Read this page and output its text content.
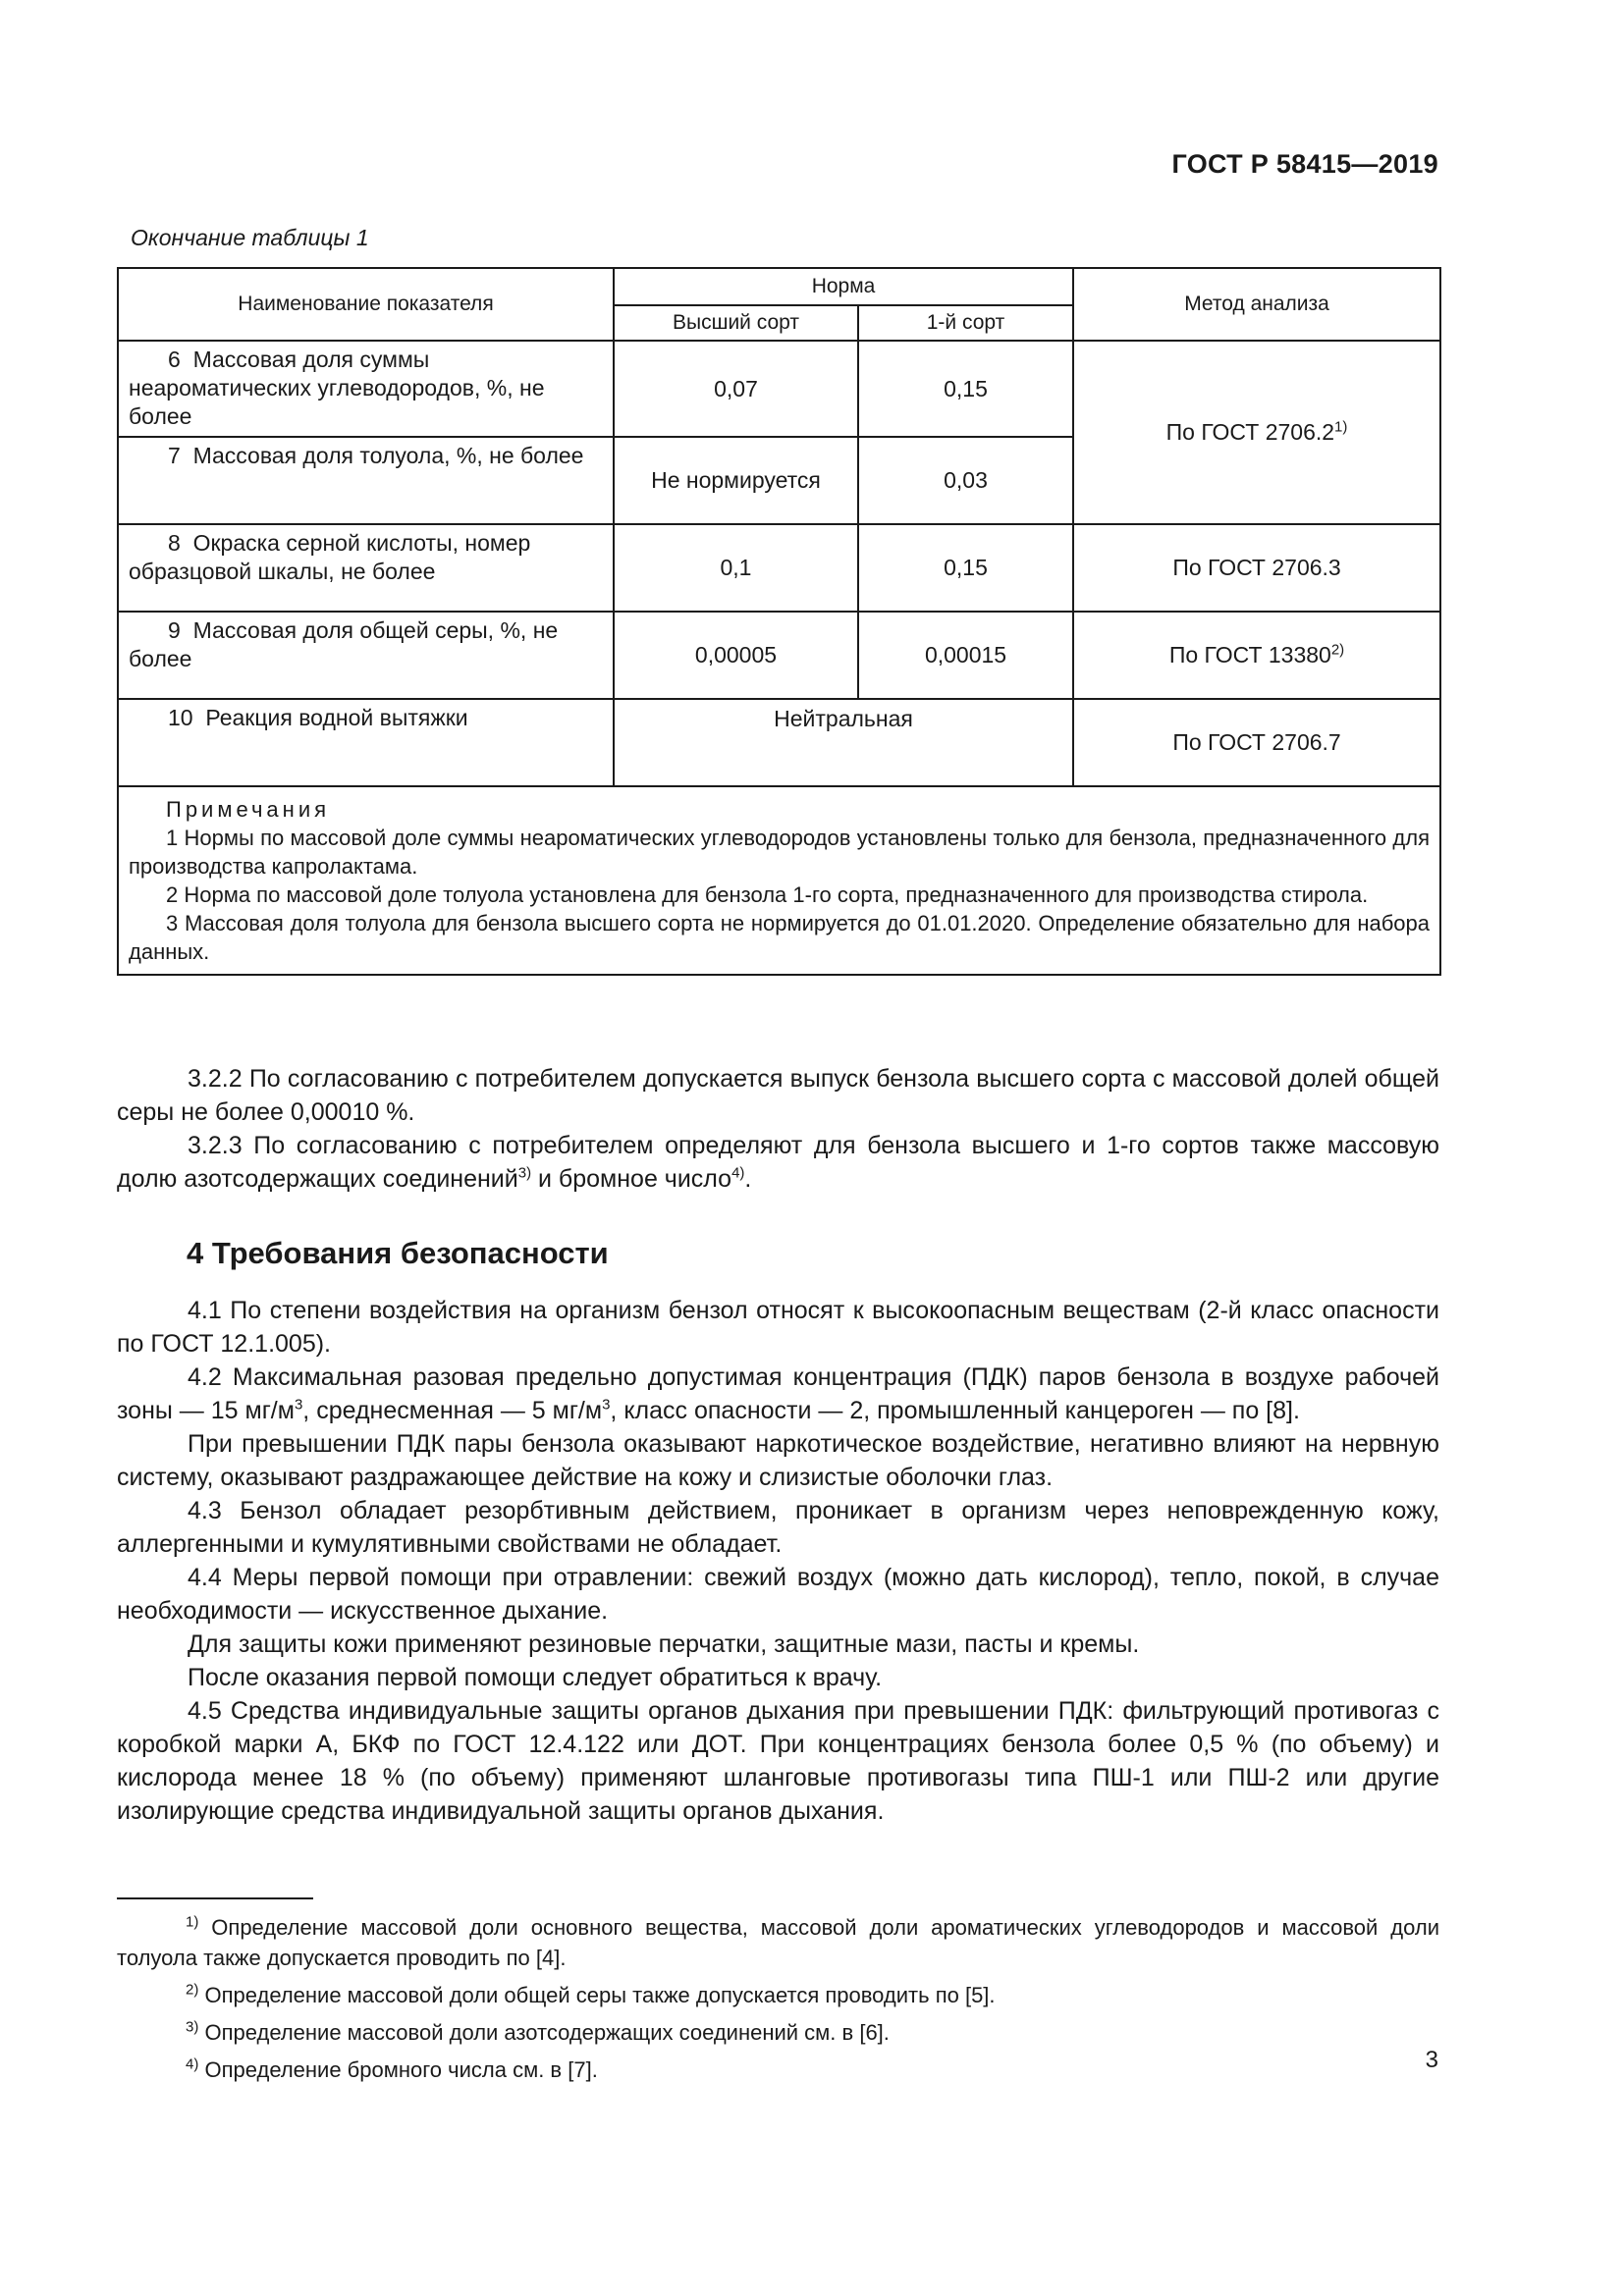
ГОСТ Р 58415—2019
Окончание таблицы 1
Наименование показателя	Норма		Метод анализа
	Высший сорт	1-й сорт	
6 Массовая доля суммы неароматических углеводородов, %, не более	0,07	0,15	По ГОСТ 2706.2$^{1)}$
7 Массовая доля толуола, %, не более	Не нормируется	0,03	
8 Окраска серной кислоты, номер образцовой шкалы, не более	0,1	0,15	По ГОСТ 2706.3
9 Массовая доля общей серы, %, не более	0,00005	0,00015	По ГОСТ 13380$^{2)}$
10 Реакция водной вытяжки	Нейтральная		По ГОСТ 2706.7

Примечания
1 Нормы по массовой доле суммы неароматических углеводородов установлены только для бензола, предназначенного для производства капролактама.
2 Норма по массовой доле толуола установлена для бензола 1-го сорта, предназначенного для производства стирола.
3 Массовая доля толуола для бензола высшего сорта не нормируется до 01.01.2020. Определение обязательно для набора данных.			

3.2.2 По согласованию с потребителем допускается выпуск бензола высшего сорта с массовой долей общей серы не более 0,00010 %.

3.2.3 По согласованию с потребителем определяют для бензола высшего и 1-го сортов также массовую долю азотсодержащих соединений$^{3)}$ и бромное число$^{4)}$.

4 Требования безопасности

4.1 По степени воздействия на организм бензол относят к высокоопасным веществам (2-й класс опасности по ГОСТ 12.1.005).

4.2 Максимальная разовая предельно допустимая концентрация (ПДК) паров бензола в воздухе рабочей зоны — 15 $мг/м^3$, среднесменная — 5 $мг/м^3$, класс опасности — 2, промышленный канцероген — по [8].

При превышении ПДК пары бензола оказывают наркотическое воздействие, негативно влияют на нервную систему, оказывают раздражающее действие на кожу и слизистые оболочки глаз.

4.3 Бензол обладает резорбтивным действием, проникает в организм через неповрежденную кожу, аллергенными и кумулятивными свойствами не обладает.

4.4 Меры первой помощи при отравлении: свежий воздух (можно дать кислород), тепло, покой, в случае необходимости — искусственное дыхание.

Для защиты кожи применяют резиновые перчатки, защитные мази, пасты и кремы.

После оказания первой помощи следует обратиться к врачу.

4.5 Средства индивидуальные защиты органов дыхания при превышении ПДК: фильтрующий противогаз с коробкой марки А, БКФ по ГОСТ 12.4.122 или ДОТ. При концентрациях бензола более 0,5 % (по объему) и кислорода менее 18 % (по объему) применяют шланговые противогазы типа ПШ-1 или ПШ-2 или другие изолирующие средства индивидуальной защиты органов дыхания.

$^{1)}$ Определение массовой доли основного вещества, массовой доли ароматических углеводородов и массовой доли толуола также допускается проводить по [4].

$^{2)}$ Определение массовой доли общей серы также допускается проводить по [5].

$^{3)}$ Определение массовой доли азотсодержащих соединений см. в [6].

$^{4)}$ Определение бромного числа см. в [7].	3
